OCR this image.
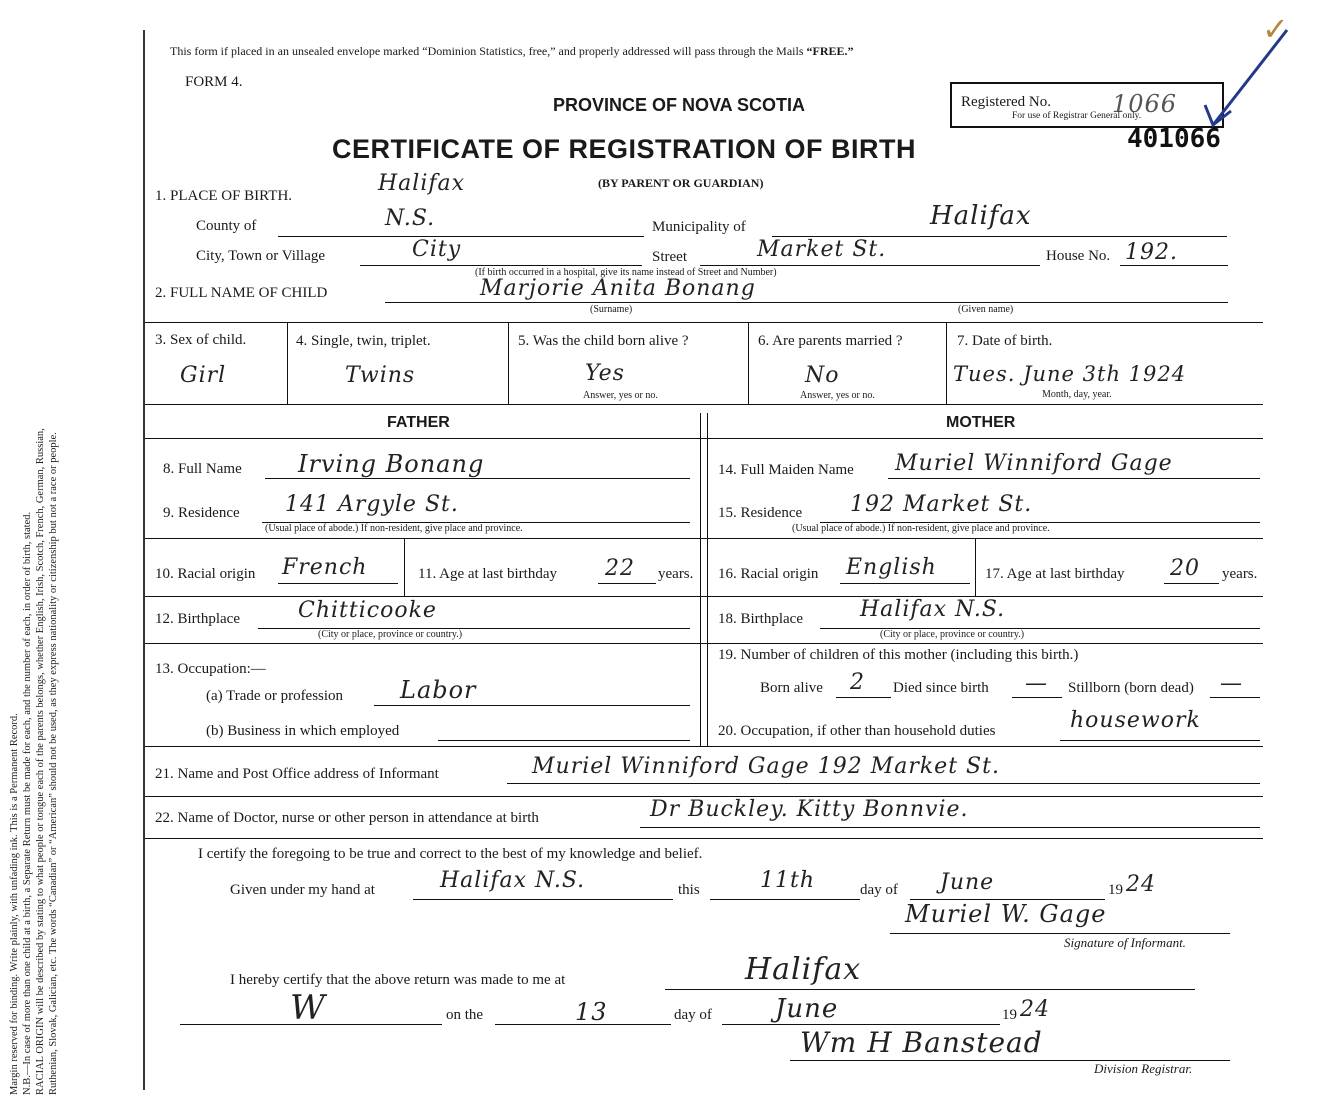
Margin reserved for binding. Write plainly, with unfading ink. This is a Permanent Record. N.B.—In case of more than one child at a birth, a Separate Return must be made for each, and the number of each, in order of birth, stated. RACIAL ORIGIN will be described by stating to what people or tongue each of the parents belongs, whether English, Irish, Scotch, French, German, Russian, Ruthenian, Slovak, Galician, etc. The words “Canadian” or “American” should not be used, as they express nationality or citizenship but not a race or people.
This form if placed in an unsealed envelope marked “Dominion Statistics, free,” and properly addressed will pass through the Mails “FREE.”
FORM 4.
PROVINCE OF NOVA SCOTIA
CERTIFICATE OF REGISTRATION OF BIRTH
(BY PARENT OR GUARDIAN)
Registered No.	1066
For use of Registrar General only.
401066
✓
1. PLACE OF BIRTH.	Halifax
County of	N.S.	Municipality of	Halifax
City, Town or Village	City	Street	Market St.	House No. 192.
(If birth occurred in a hospital, give its name instead of Street and Number)
2. FULL NAME OF CHILD	Marjorie Anita Bonang
(Surname)	(Given name)
3. Sex of child.
Girl
4. Single, twin, triplet.
Twins
5. Was the child born alive ?
Yes
Answer, yes or no.
6. Are parents married ?
No
Answer, yes or no.
7. Date of birth.
Tues. June 3th 1924
Month, day, year.
FATHER	MOTHER
8. Full Name Irving Bonang
9. Residence 141 Argyle St.
(Usual place of abode.) If non-resident, give place and province.
10. Racial origin French	11. Age at last birthday 22 years.
12. Birthplace	Chitticooke
(City or place, province or country.)
13. Occupation:—
(a) Trade or profession Labor
(b) Business in which employed
14. Full Maiden Name Muriel Winniford Gage
15. Residence 192 Market St.
(Usual place of abode.) If non-resident, give place and province.
16. Racial origin English	17. Age at last birthday 20 years.
18. Birthplace	Halifax N.S.
(City or place, province or country.)
19. Number of children of this mother (including this birth.)
Born alive 2 Died since birth — Stillborn (born dead) —
20. Occupation, if other than household duties	housework
21. Name and Post Office address of Informant	Muriel Winniford Gage 192 Market St.
22. Name of Doctor, nurse or other person in attendance at birth	Dr Buckley. Kitty Bonnvie.
I certify the foregoing to be true and correct to the best of my knowledge and belief.
Given under my hand at	Halifax N.S.	this	11th	day of June	19 24
Muriel W. Gage
Signature of Informant.
I hereby certify that the above return was made to me at	Halifax
W	on the	13	day of June	19 24
Wm H Banstead
Division Registrar.
